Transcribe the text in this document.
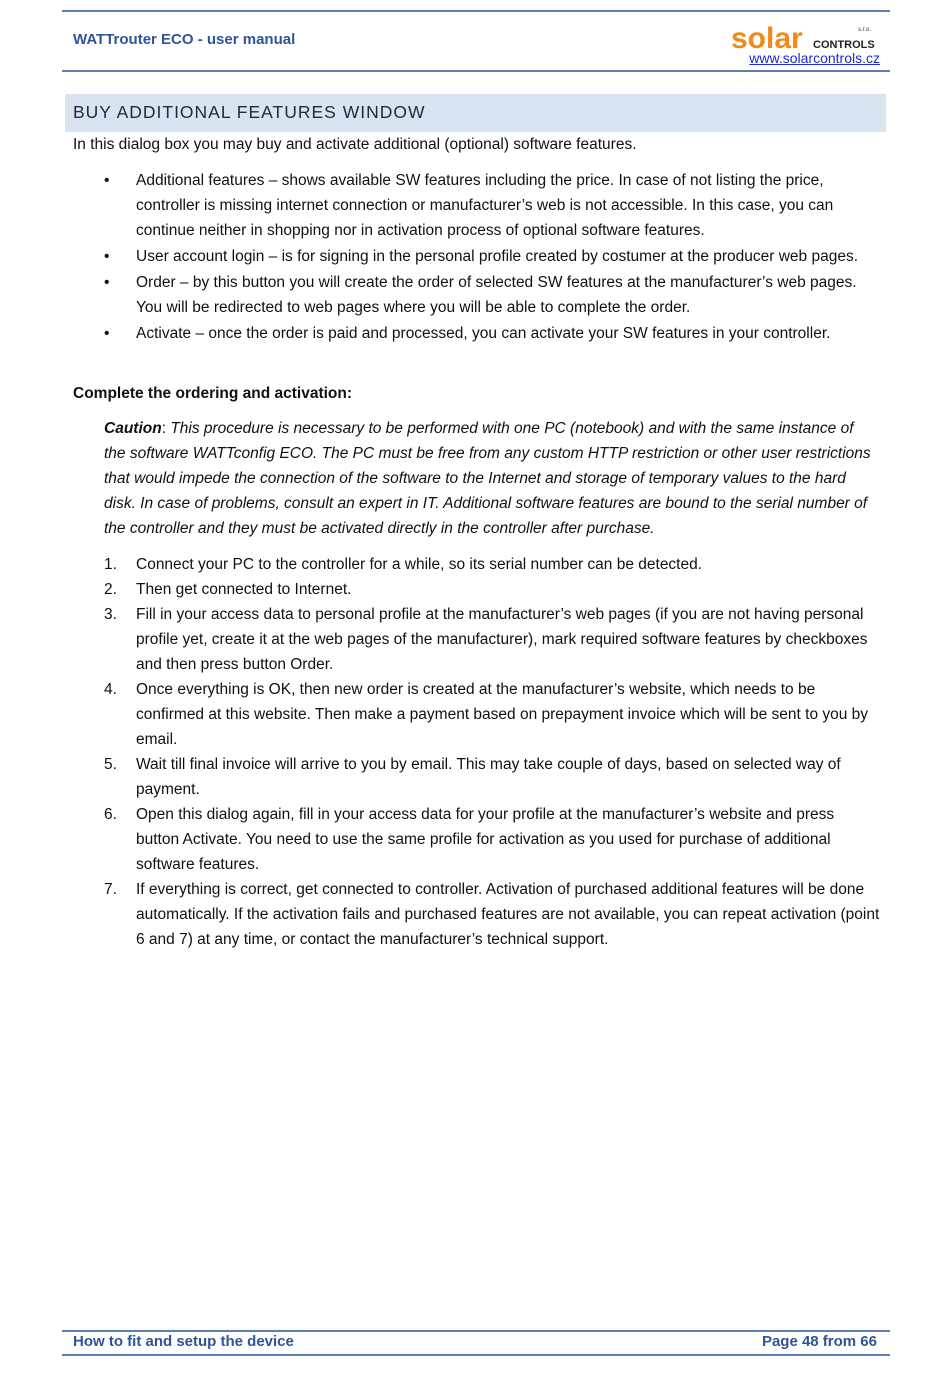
WATTrouter ECO - user manual	solar	s.r.o.
CONTROLS
www.solarcontrols.cz
BUY ADDITIONAL FEATURES WINDOW
In this dialog box you may buy and activate additional (optional) software features.
• Additional features – shows available SW features including the price. In case of not listing the price, controller is missing internet connection or manufacturer’s web is not accessible. In this case, you can continue neither in shopping nor in activation process of optional software features.
• User account login – is for signing in the personal profile created by costumer at the producer web pages.
• Order – by this button you will create the order of selected SW features at the manufacturer’s web pages. You will be redirected to web pages where you will be able to complete the order.
• Activate – once the order is paid and processed, you can activate your SW features in your controller.
Complete the ordering and activation:
Caution: This procedure is necessary to be performed with one PC (notebook) and with the same instance of the software WATTconfig ECO. The PC must be free from any custom HTTP restriction or other user restrictions that would impede the connection of the software to the Internet and storage of temporary values to the hard disk. In case of problems, consult an expert in IT. Additional software features are bound to the serial number of the controller and they must be activated directly in the controller after purchase.
1. Connect your PC to the controller for a while, so its serial number can be detected.
2. Then get connected to Internet.
3. Fill in your access data to personal profile at the manufacturer’s web pages (if you are not having personal profile yet, create it at the web pages of the manufacturer), mark required software features by checkboxes and then press button Order.
4. Once everything is OK, then new order is created at the manufacturer’s website, which needs to be confirmed at this website. Then make a payment based on prepayment invoice which will be sent to you by email.
5. Wait till final invoice will arrive to you by email. This may take couple of days, based on selected way of payment.
6. Open this dialog again, fill in your access data for your profile at the manufacturer’s website and press button Activate. You need to use the same profile for activation as you used for purchase of additional software features.
7. If everything is correct, get connected to controller. Activation of purchased additional features will be done automatically. If the activation fails and purchased features are not available, you can repeat activation (point 6 and 7) at any time, or contact the manufacturer’s technical support.
How to fit and setup the device	Page 48 from 66
